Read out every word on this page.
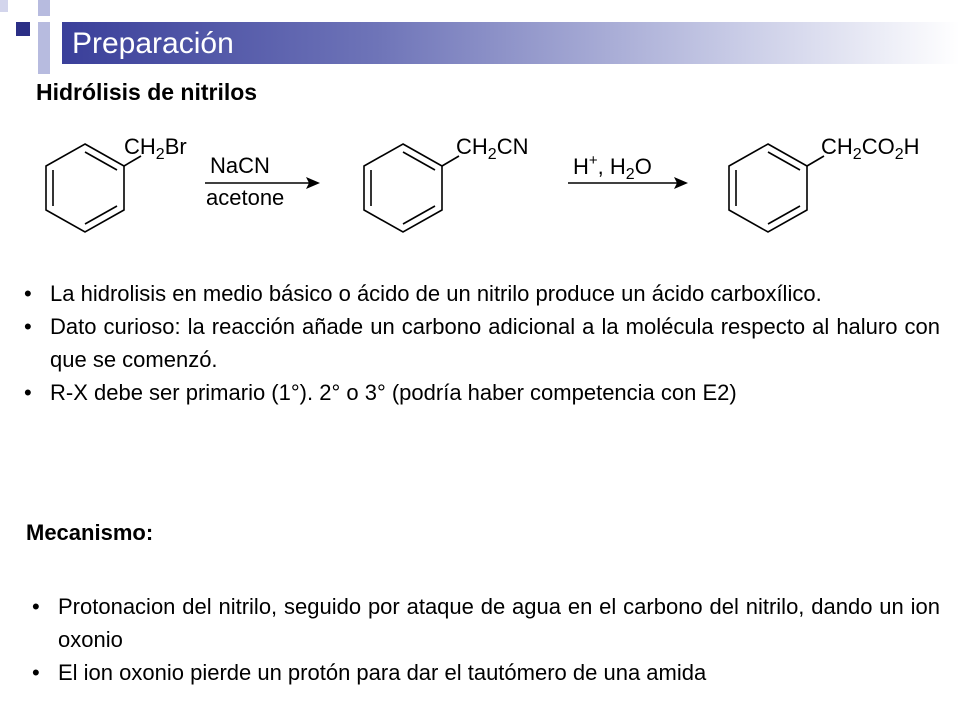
Preparación
Hidrólisis de nitrilos
$CH_2Br$
NaCN
acetone
$CH_2CN$
H+, $H_2O$
$CH_2CO_2H$
• La hidrolisis en medio básico o ácido de un nitrilo produce un ácido carboxílico.
• Dato curioso: la reacción añade un carbono adicional a la molécula respecto al haluro con que se comenzó.
• R-X debe ser primario (1°). 2° o 3° (podría haber competencia con E2)
Mecanismo:
• Protonacion del nitrilo, seguido por ataque de agua en el carbono del nitrilo, dando un ion oxonio
• El ion oxonio pierde un protón para dar el tautómero de una amida
